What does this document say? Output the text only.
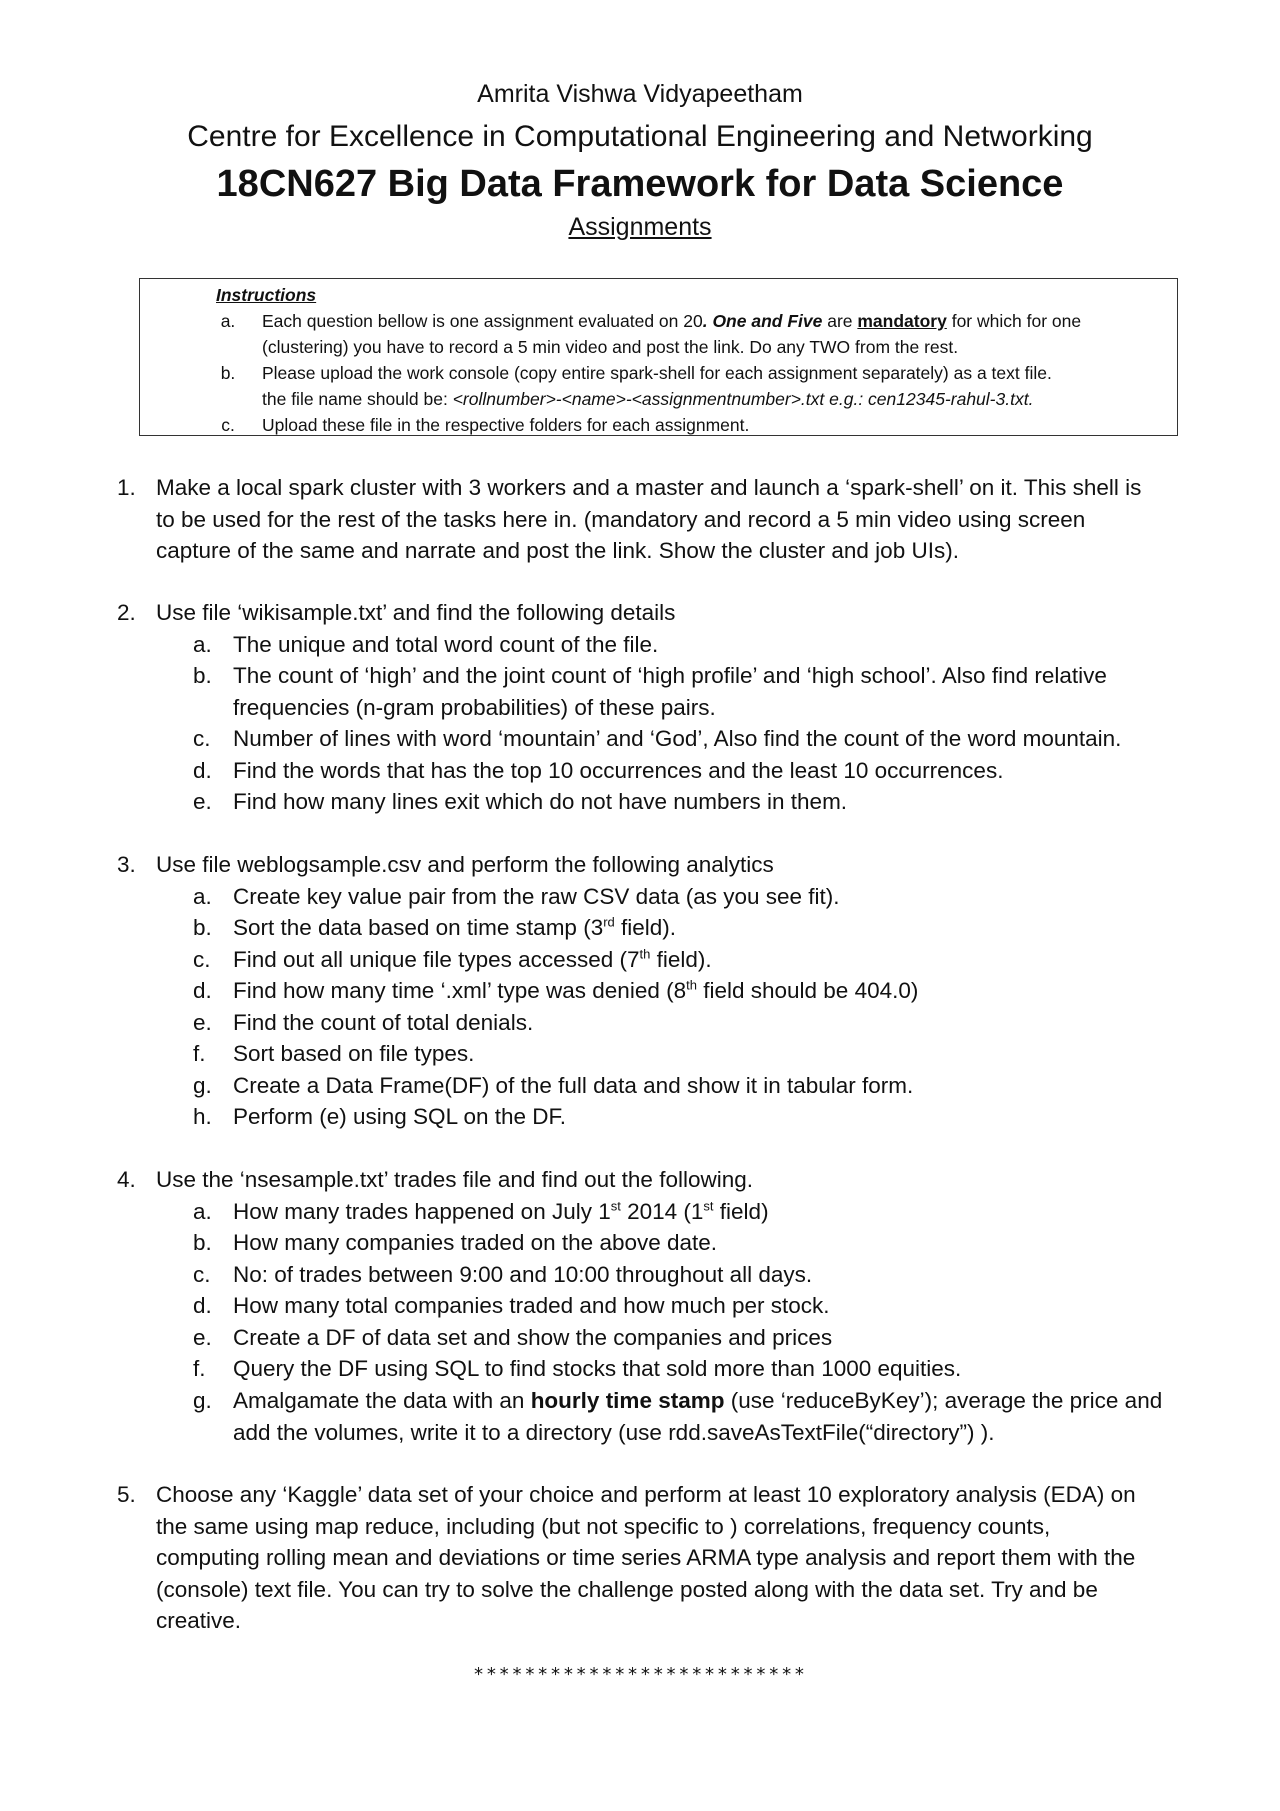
Amrita Vishwa Vidyapeetham
Centre for Excellence in Computational Engineering and Networking
18CN627 Big Data Framework for Data Science
Assignments
Instructions
a. Each question bellow is one assignment evaluated on 20. One and Five are mandatory for which for one
(clustering) you have to record a 5 min video and post the link. Do any TWO from the rest.
b. Please upload the work console (copy entire spark-shell for each assignment separately) as a text file.
the file name should be: <rollnumber>-<name>-<assignmentnumber>.txt e.g.: cen12345-rahul-3.txt.
c. Upload these file in the respective folders for each assignment.
1. Make a local spark cluster with 3 workers and a master and launch a ‘spark-shell’ on it. This shell is
to be used for the rest of the tasks here in. (mandatory and record a 5 min video using screen
capture of the same and narrate and post the link. Show the cluster and job UIs).
2. Use file ‘wikisample.txt’ and find the following details
a. The unique and total word count of the file.
b. The count of ‘high’ and the joint count of ‘high profile’ and ‘high school’. Also find relative
frequencies (n-gram probabilities) of these pairs.
c. Number of lines with word ‘mountain’ and ‘God’, Also find the count of the word mountain.
d. Find the words that has the top 10 occurrences and the least 10 occurrences.
e. Find how many lines exit which do not have numbers in them.
3. Use file weblogsample.csv and perform the following analytics
a. Create key value pair from the raw CSV data (as you see fit).
b. Sort the data based on time stamp (3rd field).
c. Find out all unique file types accessed (7th field).
d. Find how many time ‘.xml’ type was denied (8th field should be 404.0)
e. Find the count of total denials.
f.	Sort based on file types.
g. Create a Data Frame(DF) of the full data and show it in tabular form.
h. Perform (e) using SQL on the DF.
4. Use the ‘nsesample.txt’ trades file and find out the following.
a. How many trades happened on July 1st 2014 (1st field)
b. How many companies traded on the above date.
c. No: of trades between 9:00 and 10:00 throughout all days.
d. How many total companies traded and how much per stock.
e. Create a DF of data set and show the companies and prices
f.	Query the DF using SQL to find stocks that sold more than 1000 equities.
g. Amalgamate the data with an hourly time stamp (use ‘reduceByKey’); average the price and
add the volumes, write it to a directory (use rdd.saveAsTextFile(“directory”) ).
5. Choose any ‘Kaggle’ data set of your choice and perform at least 10 exploratory analysis (EDA) on
the same using map reduce, including (but not specific to ) correlations, frequency counts,
computing rolling mean and deviations or time series ARMA type analysis and report them with the
(console) text file. You can try to solve the challenge posted along with the data set. Try and be
creative.
**************************
